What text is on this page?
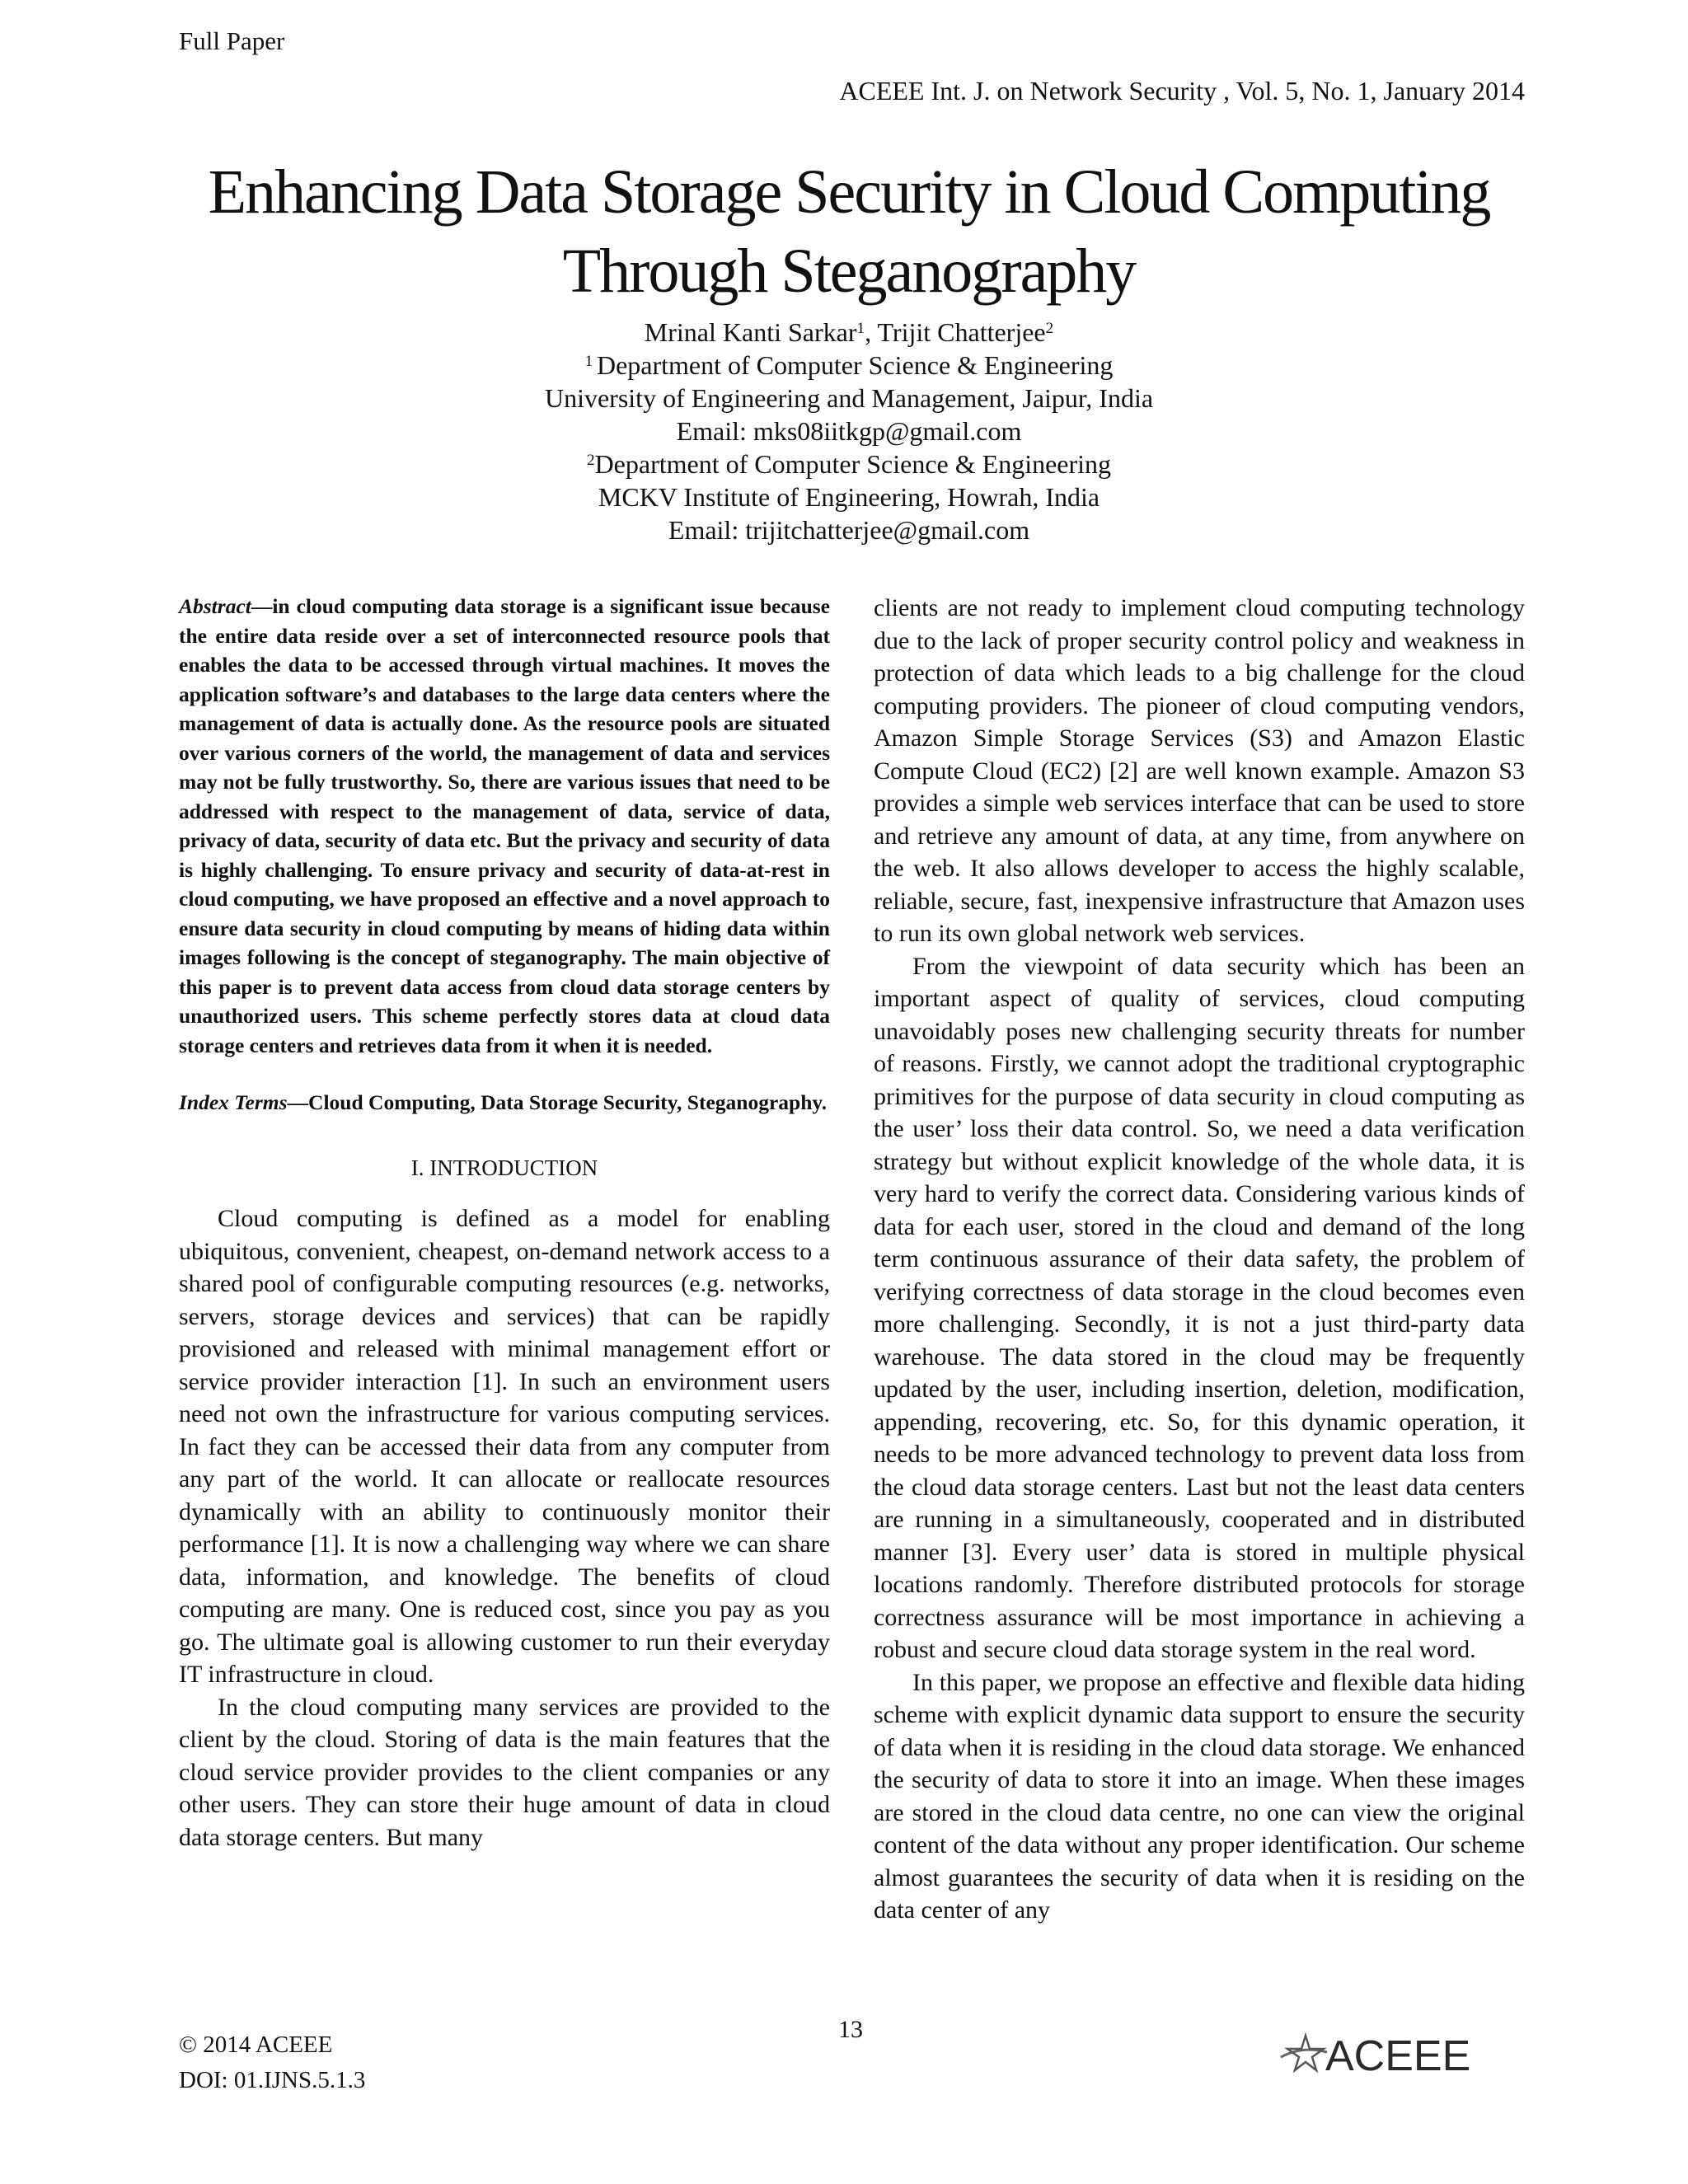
Full Paper
ACEEE Int. J. on Network Security , Vol. 5, No. 1, January 2014
Enhancing Data Storage Security in Cloud Computing
Through Steganography
Mrinal Kanti Sarkar$^1$, Trijit Chatterjee$^2$
$^1$ Department of Computer Science & Engineering
University of Engineering and Management, Jaipur, India
Email: mks08iitkgp@gmail.com
$^2$Department of Computer Science & Engineering
MCKV Institute of Engineering, Howrah, India
Email: trijitchatterjee@gmail.com

Abstract—in cloud computing data storage is a significant issue because the entire data reside over a set of interconnected resource pools that enables the data to be accessed through virtual machines. It moves the application software’s and databases to the large data centers where the management of data is actually done. As the resource pools are situated over various corners of the world, the management of data and services may not be fully trustworthy. So, there are various issues that need to be addressed with respect to the management of data, service of data, privacy of data, security of data etc. But the privacy and security of data is highly challenging. To ensure privacy and security of data-at-rest in cloud computing, we have proposed an effective and a novel approach to ensure data security in cloud computing by means of hiding data within images following is the concept of steganography. The main objective of this paper is to prevent data access from cloud data storage centers by unauthorized users. This scheme perfectly stores data at cloud data storage centers and retrieves data from it when it is needed.

Index Terms—Cloud Computing, Data Storage Security, Steganography.

I. INTRODUCTION

Cloud computing is defined as a model for enabling ubiquitous, convenient, cheapest, on-demand network access to a shared pool of configurable computing resources (e.g. networks, servers, storage devices and services) that can be rapidly provisioned and released with minimal management effort or service provider interaction [1]. In such an environment users need not own the infrastructure for various computing services. In fact they can be accessed their data from any computer from any part of the world. It can allocate or reallocate resources dynamically with an ability to continuously monitor their performance [1]. It is now a challenging way where we can share data, information, and knowledge. The benefits of cloud computing are many. One is reduced cost, since you pay as you go. The ultimate goal is allowing customer to run their everyday IT infrastructure in cloud.

In the cloud computing many services are provided to the client by the cloud. Storing of data is the main features that the cloud service provider provides to the client companies or any other users. They can store their huge amount of data in cloud data storage centers. But many

clients are not ready to implement cloud computing technology due to the lack of proper security control policy and weakness in protection of data which leads to a big challenge for the cloud computing providers. The pioneer of cloud computing vendors, Amazon Simple Storage Services (S3) and Amazon Elastic Compute Cloud (EC2) [2] are well known example. Amazon S3 provides a simple web services interface that can be used to store and retrieve any amount of data, at any time, from anywhere on the web. It also allows developer to access the highly scalable, reliable, secure, fast, inexpensive infrastructure that Amazon uses to run its own global network web services.

From the viewpoint of data security which has been an important aspect of quality of services, cloud computing unavoidably poses new challenging security threats for number of reasons. Firstly, we cannot adopt the traditional cryptographic primitives for the purpose of data security in cloud computing as the user’ loss their data control. So, we need a data verification strategy but without explicit knowledge of the whole data, it is very hard to verify the correct data. Considering various kinds of data for each user, stored in the cloud and demand of the long term continuous assurance of their data safety, the problem of verifying correctness of data storage in the cloud becomes even more challenging. Secondly, it is not a just third-party data warehouse. The data stored in the cloud may be frequently updated by the user, including insertion, deletion, modification, appending, recovering, etc. So, for this dynamic operation, it needs to be more advanced technology to prevent data loss from the cloud data storage centers. Last but not the least data centers are running in a simultaneously, cooperated and in distributed manner [3]. Every user’ data is stored in multiple physical locations randomly. Therefore distributed protocols for storage correctness assurance will be most importance in achieving a robust and secure cloud data storage system in the real word.

In this paper, we propose an effective and flexible data hiding scheme with explicit dynamic data support to ensure the security of data when it is residing in the cloud data storage. We enhanced the security of data to store it into an image. When these images are stored in the cloud data centre, no one can view the original content of the data without any proper identification. Our scheme almost guarantees the security of data when it is residing on the data center of any

© 2014 ACEEE
DOI: 01.IJNS.5.1.3
13
ACEEE
